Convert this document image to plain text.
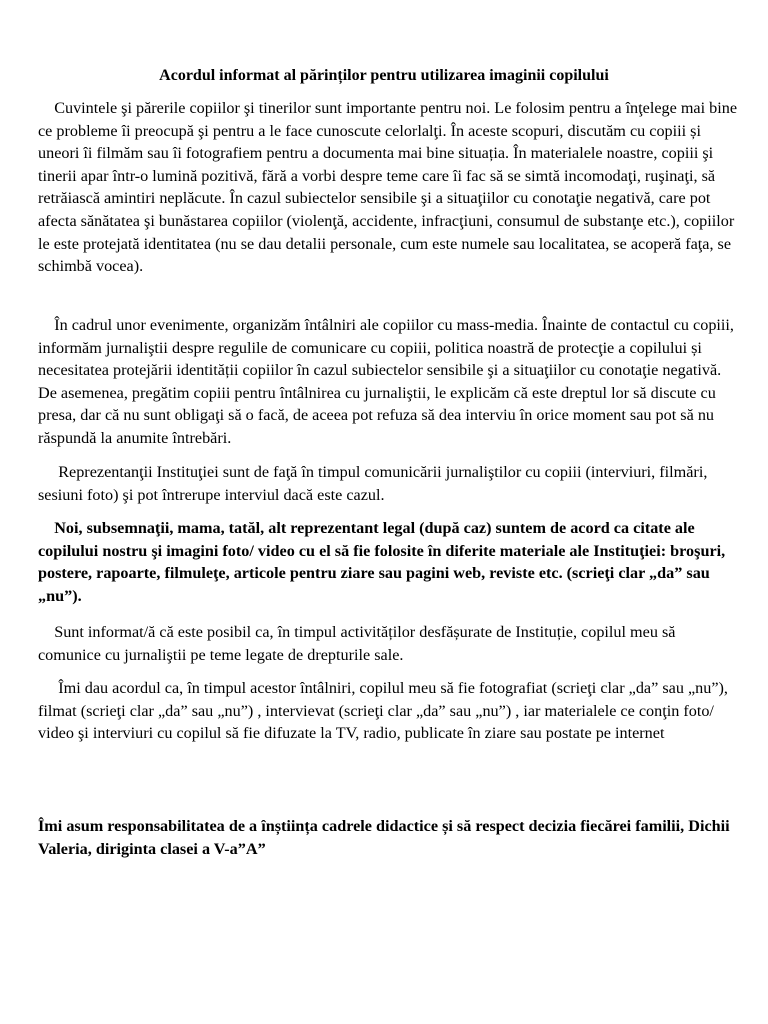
Acordul informat al părinților pentru utilizarea imaginii copilului

Cuvintele şi părerile copiilor şi tinerilor sunt importante pentru noi. Le folosim pentru a înţelege mai bine ce probleme îi preocupă şi pentru a le face cunoscute celorlalţi. În aceste scopuri, discutăm cu copiii și uneori îi filmăm sau îi fotografiem pentru a documenta mai bine situația. În materialele noastre, copiii şi tinerii apar într-o lumină pozitivă, fără a vorbi despre teme care îi fac să se simtă incomodaţi, ruşinaţi, să retrăiască amintiri neplăcute. În cazul subiectelor sensibile şi a situaţiilor cu conotaţie negativă, care pot afecta sănătatea şi bunăstarea copiilor (violenţă, accidente, infracţiuni, consumul de substanţe etc.), copiilor le este protejată identitatea (nu se dau detalii personale, cum este numele sau localitatea, se acoperă faţa, se schimbă vocea).

În cadrul unor evenimente, organizăm întâlniri ale copiilor cu mass-media. Înainte de contactul cu copiii, informăm jurnaliştii despre regulile de comunicare cu copiii, politica noastră de protecţie a copilului și necesitatea protejării identității copiilor în cazul subiectelor sensibile şi a situaţiilor cu conotaţie negativă. De asemenea, pregătim copiii pentru întâlnirea cu jurnaliştii, le explicăm că este dreptul lor să discute cu presa, dar că nu sunt obligaţi să o facă, de aceea pot refuza să dea interviu în orice moment sau pot să nu răspundă la anumite întrebări.

Reprezentanţii Instituţiei sunt de faţă în timpul comunicării jurnaliştilor cu copiii (interviuri, filmări, sesiuni foto) şi pot întrerupe interviul dacă este cazul.

Noi, subsemnaţii, mama, tatăl, alt reprezentant legal (după caz) suntem de acord ca citate ale copilului nostru şi imagini foto/ video cu el să fie folosite în diferite materiale ale Instituţiei: broşuri, postere, rapoarte, filmuleţe, articole pentru ziare sau pagini web, reviste etc. (scrieţi clar „da” sau „nu”).

Sunt informat/ă că este posibil ca, în timpul activităților desfășurate de Instituție, copilul meu să comunice cu jurnaliştii pe teme legate de drepturile sale.

Îmi dau acordul ca, în timpul acestor întâlniri, copilul meu să fie fotografiat (scrieţi clar „da” sau „nu”), filmat (scrieţi clar „da” sau „nu”) , intervievat (scrieţi clar „da” sau „nu”) , iar materialele ce conţin foto/ video şi interviuri cu copilul să fie difuzate la TV, radio, publicate în ziare sau postate pe internet

Îmi asum responsabilitatea de a înștiința cadrele didactice și să respect decizia fiecărei familii, Dichii Valeria, diriginta clasei a V-a”A”
